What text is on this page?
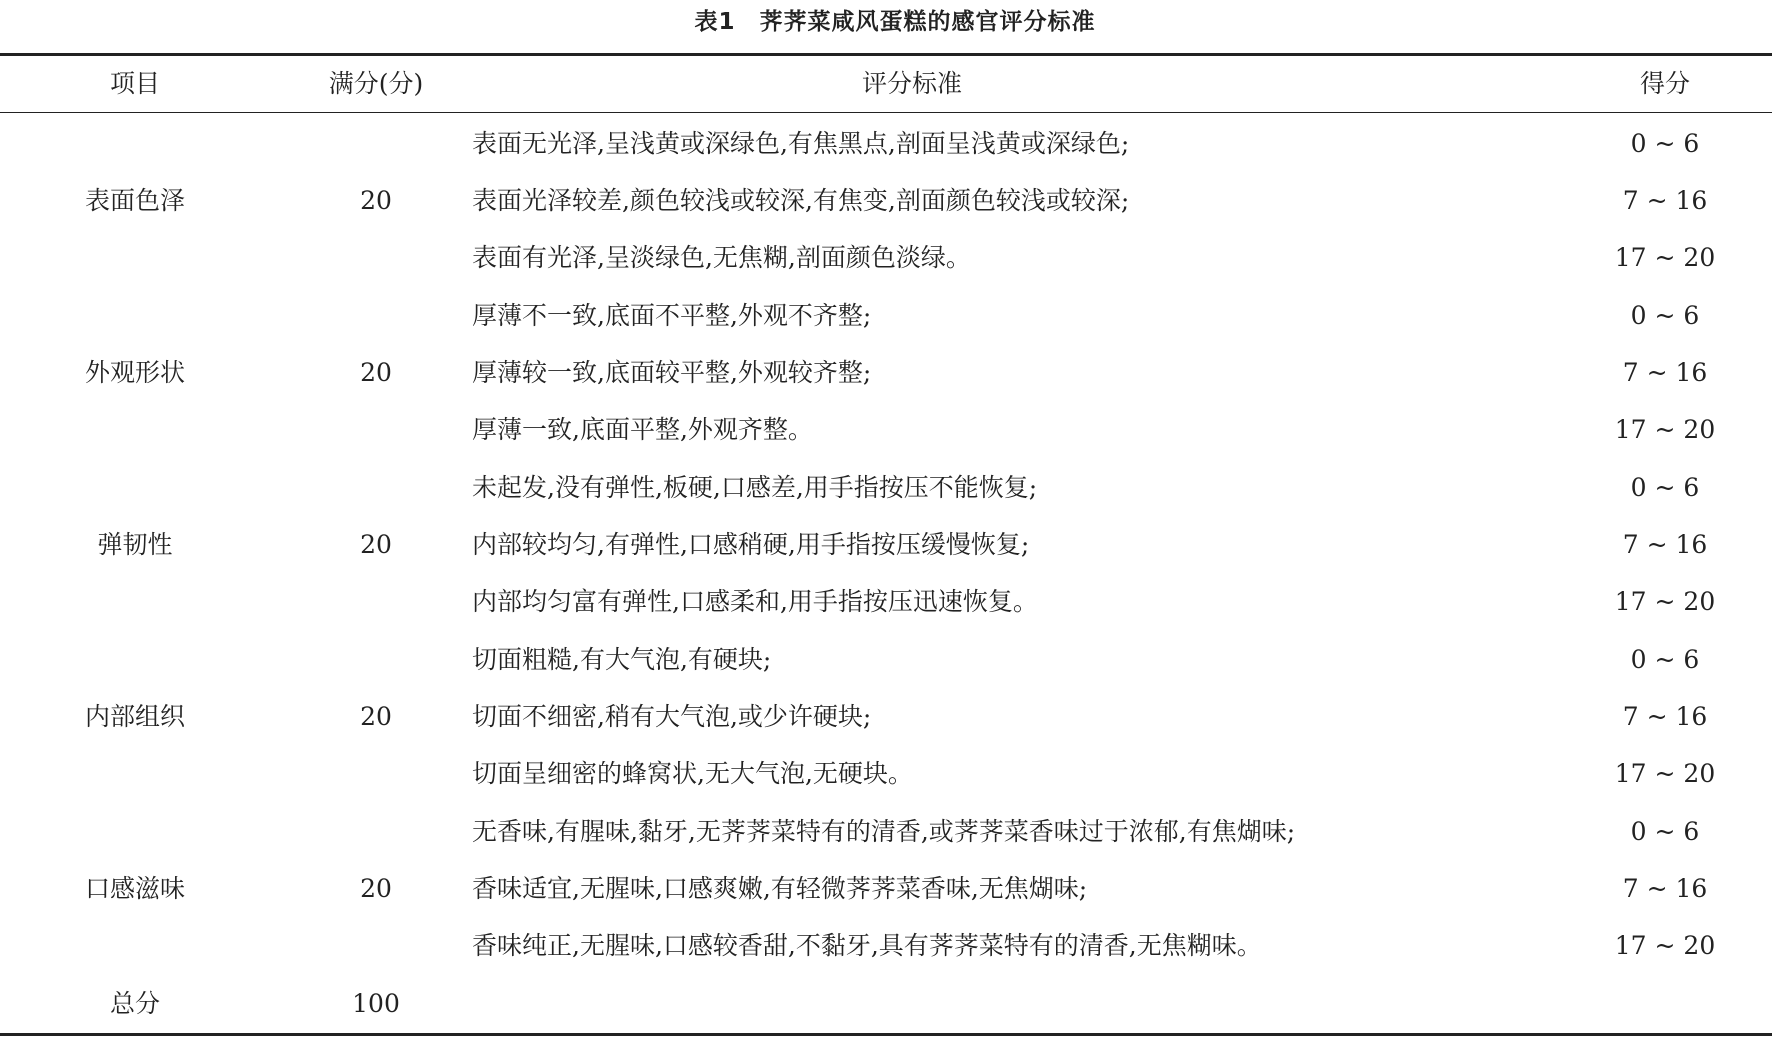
表1 荠荠菜咸风蛋糕的感官评分标准
项目	满分(分)	评分标准	得分
表面色泽	20
表面无光泽,呈浅黄或深绿色,有焦黑点,剖面呈浅黄或深绿色;	0 ~ 6
表面光泽较差,颜色较浅或较深,有焦变,剖面颜色较浅或较深;	7 ~ 16
表面有光泽,呈淡绿色,无焦糊,剖面颜色淡绿。	17 ~ 20
外观形状	20
厚薄不一致,底面不平整,外观不齐整;	0 ~ 6
厚薄较一致,底面较平整,外观较齐整;	7 ~ 16
厚薄一致,底面平整,外观齐整。	17 ~ 20
弹韧性	20
未起发,没有弹性,板硬,口感差,用手指按压不能恢复;	0 ~ 6
内部较均匀,有弹性,口感稍硬,用手指按压缓慢恢复;	7 ~ 16
内部均匀富有弹性,口感柔和,用手指按压迅速恢复。	17 ~ 20
内部组织	20
切面粗糙,有大气泡,有硬块;	0 ~ 6
切面不细密,稍有大气泡,或少许硬块;	7 ~ 16
切面呈细密的蜂窝状,无大气泡,无硬块。	17 ~ 20
口感滋味	20
无香味,有腥味,黏牙,无荠荠菜特有的清香,或荠荠菜香味过于浓郁,有焦煳味;	0 ~ 6
香味适宜,无腥味,口感爽嫩,有轻微荠荠菜香味,无焦煳味;	7 ~ 16
香味纯正,无腥味,口感较香甜,不黏牙,具有荠荠菜特有的清香,无焦糊味。	17 ~ 20
总分	100
